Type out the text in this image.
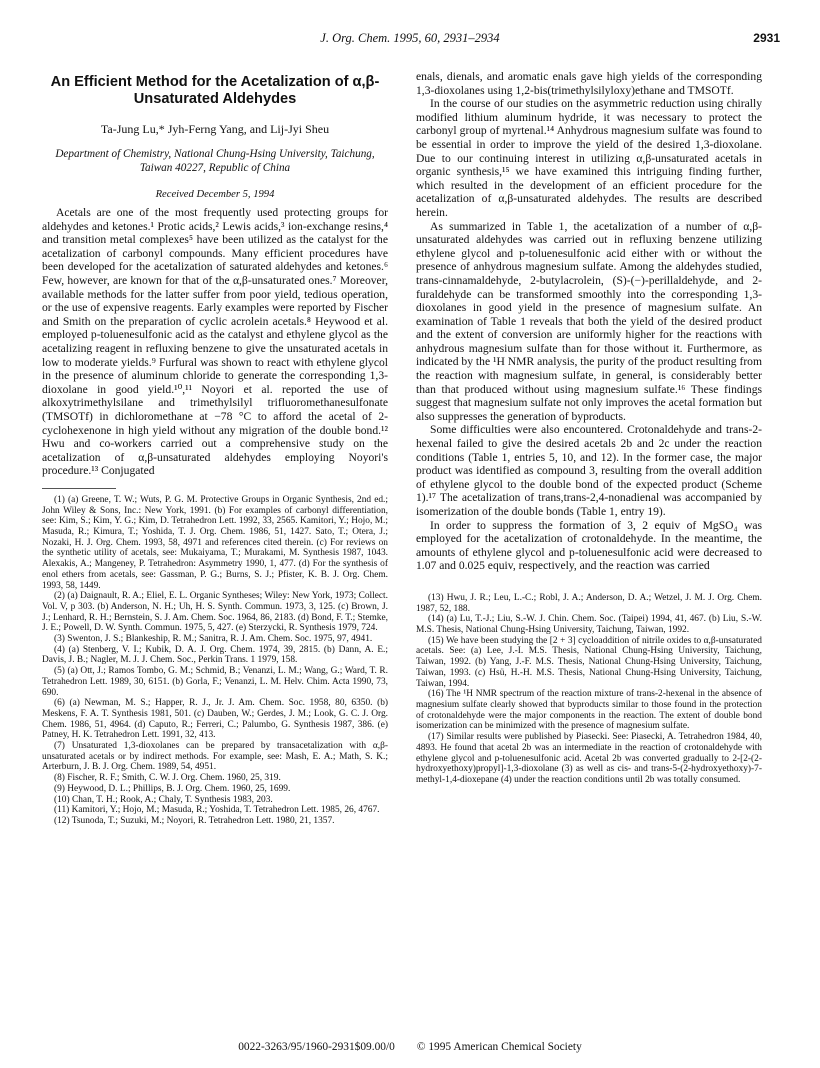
J. Org. Chem. 1995, 60, 2931–2934	2931
An Efficient Method for the Acetalization of α,β-Unsaturated Aldehydes
Ta-Jung Lu,* Jyh-Ferng Yang, and Lij-Jyi Sheu
Department of Chemistry, National Chung-Hsing University, Taichung, Taiwan 40227, Republic of China
Received December 5, 1994

Acetals are one of the most frequently used protecting groups for aldehydes and ketones.¹ Protic acids,² Lewis acids,³ ion-exchange resins,⁴ and transition metal complexes⁵ have been utilized as the catalyst for the acetalization of carbonyl compounds. Many efficient procedures have been developed for the acetalization of saturated aldehydes and ketones.⁶ Few, however, are known for that of the α,β-unsaturated ones.⁷ Moreover, available methods for the latter suffer from poor yield, tedious operation, or the use of expensive reagents. Early examples were reported by Fischer and Smith on the preparation of cyclic acrolein acetals.⁸ Heywood et al. employed p-toluenesulfonic acid as the catalyst and ethylene glycol as the acetalizing reagent in refluxing benzene to give the unsaturated acetals in low to moderate yields.⁹ Furfural was shown to react with ethylene glycol in the presence of aluminum chloride to generate the corresponding 1,3-dioxolane in good yield.¹⁰,¹¹ Noyori et al. reported the use of alkoxytrimethylsilane and trimethylsilyl trifluoromethanesulfonate (TMSOTf) in dichloromethane at −78 °C to afford the acetal of 2-cyclohexenone in high yield without any migration of the double bond.¹² Hwu and co-workers carried out a comprehensive study on the acetalization of α,β-unsaturated aldehydes employing Noyori's procedure.¹³ Conjugated

(1) (a) Greene, T. W.; Wuts, P. G. M. Protective Groups in Organic Synthesis, 2nd ed.; John Wiley & Sons, Inc.: New York, 1991. (b) For examples of carbonyl differentiation, see: Kim, S.; Kim, Y. G.; Kim, D. Tetrahedron Lett. 1992, 33, 2565. Kamitori, Y.; Hojo, M.; Masuda, R.; Kimura, T.; Yoshida, T. J. Org. Chem. 1986, 51, 1427. Sato, T.; Otera, J.; Nozaki, H. J. Org. Chem. 1993, 58, 4971 and references cited therein. (c) For reviews on the synthetic utility of acetals, see: Mukaiyama, T.; Murakami, M. Synthesis 1987, 1043. Alexakis, A.; Mangeney, P. Tetrahedron: Asymmetry 1990, 1, 477. (d) For the synthesis of enol ethers from acetals, see: Gassman, P. G.; Burns, S. J.; Pfister, K. B. J. Org. Chem. 1993, 58, 1449.

(2) (a) Daignault, R. A.; Eliel, E. L. Organic Syntheses; Wiley: New York, 1973; Collect. Vol. V, p 303. (b) Anderson, N. H.; Uh, H. S. Synth. Commun. 1973, 3, 125. (c) Brown, J. J.; Lenhard, R. H.; Bernstein, S. J. Am. Chem. Soc. 1964, 86, 2183. (d) Bond, F. T.; Stemke, J. E.; Powell, D. W. Synth. Commun. 1975, 5, 427. (e) Sterzycki, R. Synthesis 1979, 724.

(3) Swenton, J. S.; Blankeship, R. M.; Sanitra, R. J. Am. Chem. Soc. 1975, 97, 4941.

(4) (a) Stenberg, V. I.; Kubik, D. A. J. Org. Chem. 1974, 39, 2815. (b) Dann, A. E.; Davis, J. B.; Nagler, M. J. J. Chem. Soc., Perkin Trans. 1 1979, 158.

(5) (a) Ott, J.; Ramos Tombo, G. M.; Schmid, B.; Venanzi, L. M.; Wang, G.; Ward, T. R. Tetrahedron Lett. 1989, 30, 6151. (b) Gorla, F.; Venanzi, L. M. Helv. Chim. Acta 1990, 73, 690.

(6) (a) Newman, M. S.; Happer, R. J., Jr. J. Am. Chem. Soc. 1958, 80, 6350. (b) Meskens, F. A. T. Synthesis 1981, 501. (c) Dauben, W.; Gerdes, J. M.; Look, G. C. J. Org. Chem. 1986, 51, 4964. (d) Caputo, R.; Ferreri, C.; Palumbo, G. Synthesis 1987, 386. (e) Patney, H. K. Tetrahedron Lett. 1991, 32, 413.

(7) Unsaturated 1,3-dioxolanes can be prepared by transacetalization with α,β-unsaturated acetals or by indirect methods. For example, see: Mash, E. A.; Math, S. K.; Arterburn, J. B. J. Org. Chem. 1989, 54, 4951.

(8) Fischer, R. F.; Smith, C. W. J. Org. Chem. 1960, 25, 319.

(9) Heywood, D. L.; Phillips, B. J. Org. Chem. 1960, 25, 1699.

(10) Chan, T. H.; Rook, A.; Chaly, T. Synthesis 1983, 203.

(11) Kamitori, Y.; Hojo, M.; Masuda, R.; Yoshida, T. Tetrahedron Lett. 1985, 26, 4767.

(12) Tsunoda, T.; Suzuki, M.; Noyori, R. Tetrahedron Lett. 1980, 21, 1357.

enals, dienals, and aromatic enals gave high yields of the corresponding 1,3-dioxolanes using 1,2-bis(trimethylsilyloxy)ethane and TMSOTf.

In the course of our studies on the asymmetric reduction using chirally modified lithium aluminum hydride, it was necessary to protect the carbonyl group of myrtenal.¹⁴ Anhydrous magnesium sulfate was found to be essential in order to improve the yield of the desired 1,3-dioxolane. Due to our continuing interest in utilizing α,β-unsaturated acetals in organic synthesis,¹⁵ we have examined this intriguing finding further, which resulted in the development of an efficient procedure for the acetalization of α,β-unsaturated aldehydes. The results are described herein.

As summarized in Table 1, the acetalization of a number of α,β-unsaturated aldehydes was carried out in refluxing benzene utilizing ethylene glycol and p-toluenesulfonic acid either with or without the presence of anhydrous magnesium sulfate. Among the aldehydes studied, trans-cinnamaldehyde, 2-butylacrolein, (S)-(−)-perillaldehyde, and 2-furaldehyde can be transformed smoothly into the corresponding 1,3-dioxolanes in good yield in the presence of magnesium sulfate. An examination of Table 1 reveals that both the yield of the desired product and the extent of conversion are uniformly higher for the reactions with anhydrous magnesium sulfate than for those without it. Furthermore, as indicated by the ¹H NMR analysis, the purity of the product resulting from the reaction with magnesium sulfate, in general, is considerably better than that produced without using magnesium sulfate.¹⁶ These findings suggest that magnesium sulfate not only improves the acetal formation but also suppresses the generation of byproducts.

Some difficulties were also encountered. Crotonaldehyde and trans-2-hexenal failed to give the desired acetals 2b and 2c under the reaction conditions (Table 1, entries 5, 10, and 12). In the former case, the major product was identified as compound 3, resulting from the overall addition of ethylene glycol to the double bond of the expected product (Scheme 1).¹⁷ The acetalization of trans,trans-2,4-nonadienal was accompanied by isomerization of the double bonds (Table 1, entry 19).

In order to suppress the formation of 3, 2 equiv of MgSO₄ was employed for the acetalization of crotonaldehyde. In the meantime, the amounts of ethylene glycol and p-toluenesulfonic acid were decreased to 1.07 and 0.025 equiv, respectively, and the reaction was carried

(13) Hwu, J. R.; Leu, L.-C.; Robl, J. A.; Anderson, D. A.; Wetzel, J. M. J. Org. Chem. 1987, 52, 188.

(14) (a) Lu, T.-J.; Liu, S.-W. J. Chin. Chem. Soc. (Taipei) 1994, 41, 467. (b) Liu, S.-W. M.S. Thesis, National Chung-Hsing University, Taichung, Taiwan, 1992.

(15) We have been studying the [2 + 3] cycloaddition of nitrile oxides to α,β-unsaturated acetals. See: (a) Lee, J.-I. M.S. Thesis, National Chung-Hsing University, Taichung, Taiwan, 1992. (b) Yang, J.-F. M.S. Thesis, National Chung-Hsing University, Taichung, Taiwan, 1993. (c) Hsü, H.-H. M.S. Thesis, National Chung-Hsing University, Taichung, Taiwan, 1994.

(16) The ¹H NMR spectrum of the reaction mixture of trans-2-hexenal in the absence of magnesium sulfate clearly showed that byproducts similar to those found in the protection of crotonaldehyde were the major components in the reaction. The extent of double bond isomerization can be minimized with the presence of magnesium sulfate.

(17) Similar results were published by Piasecki. See: Piasecki, A. Tetrahedron 1984, 40, 4893. He found that acetal 2b was an intermediate in the reaction of crotonaldehyde with ethylene glycol and p-toluenesulfonic acid. Acetal 2b was converted gradually to 2-[2-(2-hydroxyethoxy)propyl]-1,3-dioxolane (3) as well as cis- and trans-5-(2-hydroxyethoxy)-7-methyl-1,4-dioxepane (4) under the reaction conditions until 2b was totally consumed.

0022-3263/95/1960-2931$09.00/0 © 1995 American Chemical Society
